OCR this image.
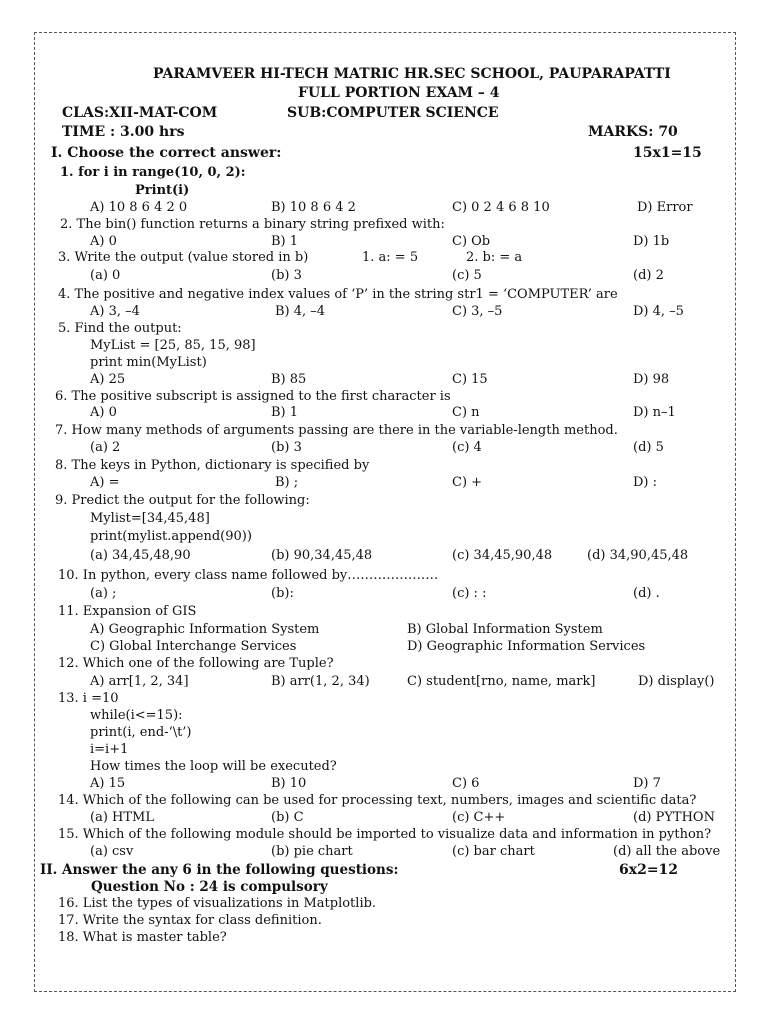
PARAMVEER HI-TECH MATRIC HR.SEC SCHOOL, PAUPARAPATTI
FULL PORTION EXAM – 4
CLAS:XII-MAT-COM	SUB:COMPUTER SCIENCE
TIME : 3.00 hrs	MARKS: 70
I. Choose the correct answer:	15x1=15
1. for i in range(10, 0, 2):
Print(i)
A) 10 8 6 4 2 0	B) 10 8 6 4 2	C) 0 2 4 6 8 10	D) Error
2. The bin() function returns a binary string prefixed with:
A) 0	B) 1	C) Ob	D) 1b
3. Write the output (value stored in b)	1. a: = 5	2. b: = a
(a) 0	(b) 3	(c) 5	(d) 2
4. The positive and negative index values of ‘P’ in the string str1 = ‘COMPUTER’ are
A) 3, –4	B) 4, –4	C) 3, –5	D) 4, –5
5. Find the output:
MyList = [25, 85, 15, 98]
print min(MyList)
A) 25	B) 85	C) 15	D) 98
6. The positive subscript is assigned to the first character is
A) 0	B) 1	C) n	D) n–1
7. How many methods of arguments passing are there in the variable-length method.
(a) 2	(b) 3	(c) 4	(d) 5
8. The keys in Python, dictionary is specified by
A) =	B) ;	C) +	D) :
9. Predict the output for the following:
Mylist=[34,45,48]
print(mylist.append(90))
(a) 34,45,48,90	(b) 90,34,45,48	(c) 34,45,90,48	(d) 34,90,45,48
10. In python, every class name followed by…………………
(a) ;	(b):	(c) : :	(d) .
11. Expansion of GIS
A) Geographic Information System	B) Global Information System
C) Global Interchange Services	D) Geographic Information Services
12. Which one of the following are Tuple?
A) arr[1, 2, 34]	B) arr(1, 2, 34)	C) student[rno, name, mark]	D) display()
13. i =10
while(i<=15):
print(i, end-‘\t’)
i=i+1
How times the loop will be executed?
A) 15	B) 10	C) 6	D) 7
14. Which of the following can be used for processing text, numbers, images and scientific data?
(a) HTML	(b) C	(c) C++	(d) PYTHON
15. Which of the following module should be imported to visualize data and information in python?
(a) csv	(b) pie chart	(c) bar chart	(d) all the above
II. Answer the any 6 in the following questions:	6x2=12
Question No : 24 is compulsory
16. List the types of visualizations in Matplotlib.
17. Write the syntax for class definition.
18. What is master table?
